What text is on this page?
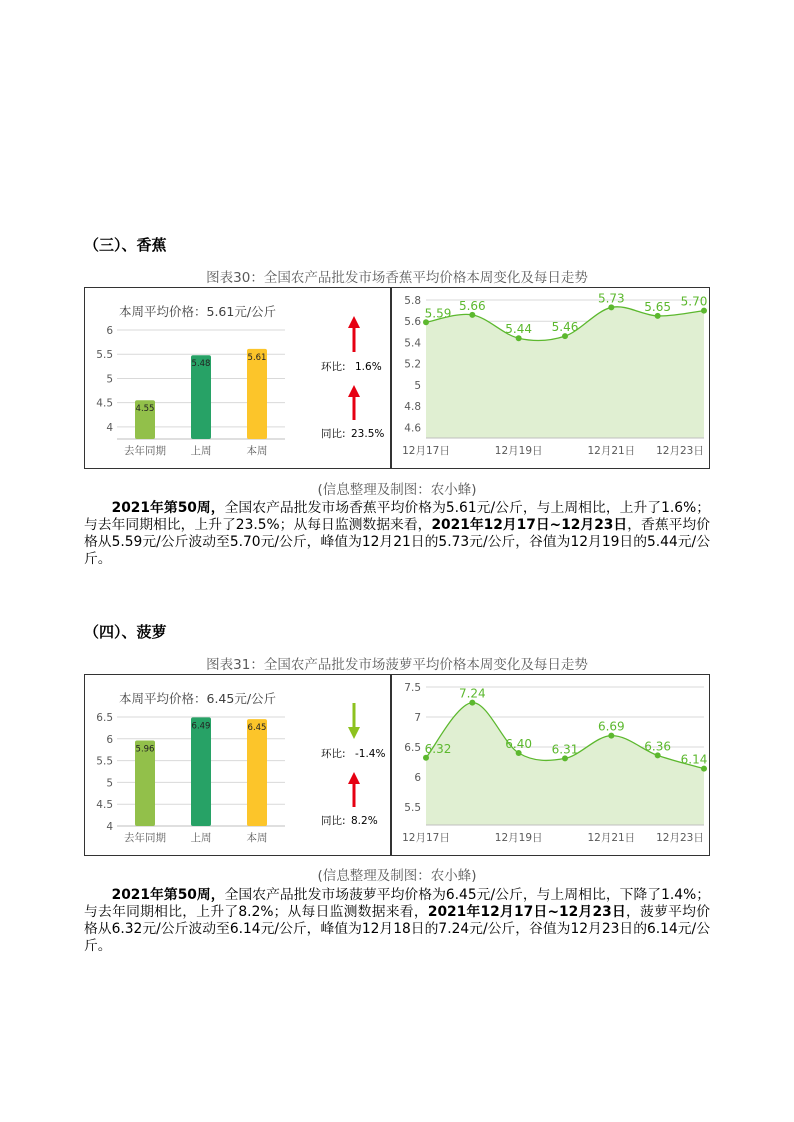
（三）、香蕉
图表30：全国农产品批发市场香蕉平均价格本周变化及每日走势
本周平均价格：5.61元/公斤
6
5.5
5
4.5
4
4.55
去年同期
5.48
上周
5.61
本周
环比: 1.6%
同比: 23.5%
5.8
5.6
5.4
5.2
5
4.8
4.6
5.59
5.66
5.44 5.46
5.73
5.65 5.70
12月17日	12月19日	12月21日 12月23日
(信息整理及制图：农小蜂)
2021年第50周，全国农产品批发市场香蕉平均价格为5.61元/公斤，与上周相比，上升了1.6%；与去年同期相比，上升了23.5%；从每日监测数据来看，2021年12月17日~12月23日，香蕉平均价格从5.59元/公斤波动至5.70元/公斤，峰值为12月21日的5.73元/公斤，谷值为12月19日的5.44元/公斤。
（四）、菠萝
图表31：全国农产品批发市场菠萝平均价格本周变化及每日走势
本周平均价格：6.45元/公斤
6.5
6
5.5
5
4.5
4
5.96
去年同期
6.49
上周
6.45
本周
环比: -1.4%
同比: 8.2%
7.5
7
6.5
6
5.5
6.32
7.24
6.40 6.31
6.69
6.36
6.14
12月17日	12月19日	12月21日 12月23日
(信息整理及制图：农小蜂)
2021年第50周，全国农产品批发市场菠萝平均价格为6.45元/公斤，与上周相比，下降了1.4%；与去年同期相比，上升了8.2%；从每日监测数据来看，2021年12月17日~12月23日，菠萝平均价格从6.32元/公斤波动至6.14元/公斤，峰值为12月18日的7.24元/公斤，谷值为12月23日的6.14元/公斤。
